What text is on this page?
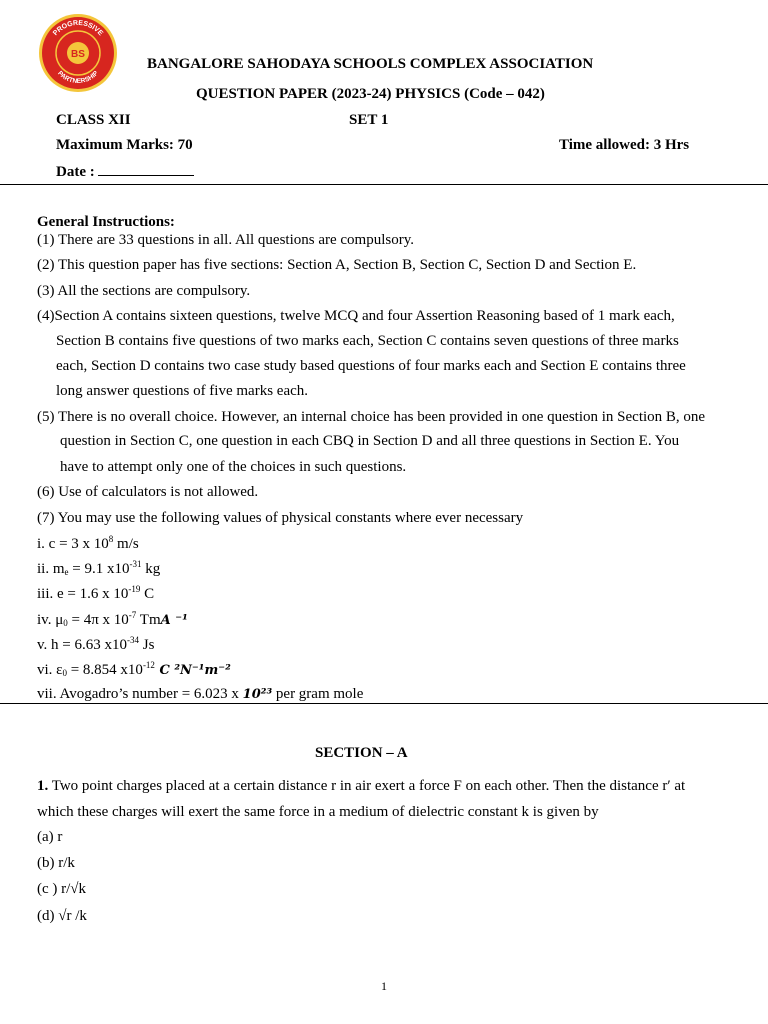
BS
PROGRESSIVE
PARTNERSHIP
BANGALORE SAHODAYA SCHOOLS COMPLEX ASSOCIATION
QUESTION PAPER (2023-24) PHYSICS (Code – 042)
CLASS XII	SET 1
Maximum Marks: 70	Time allowed: 3 Hrs
Date :
General Instructions:
(1) There are 33 questions in all. All questions are compulsory.
(2) This question paper has five sections: Section A, Section B, Section C, Section D and Section E.
(3) All the sections are compulsory.
(4)Section A contains sixteen questions, twelve MCQ and four Assertion Reasoning based of 1 mark each,
Section B contains five questions of two marks each, Section C contains seven questions of three marks
each, Section D contains two case study based questions of four marks each and Section E contains three
long answer questions of five marks each.
(5) There is no overall choice. However, an internal choice has been provided in one question in Section B, one
question in Section C, one question in each CBQ in Section D and all three questions in Section E. You
have to attempt only one of the choices in such questions.
(6) Use of calculators is not allowed.
(7) You may use the following values of physical constants where ever necessary
i. c = 3 x $10^8$ m/s
ii. $m_e = 9.1$ $x10^{-31}$ kg
iii. e = 1.6 x $10^{-19}$ C
iv. $\mu_0 = 4\pi$ x $10^{-7}$ TmA ⁻¹
v. h = 6.63 $x10^{-34}$ Js
vi. $\varepsilon_0 = 8.854$ $x10^{-12}$ C ²N⁻¹m⁻²
vii. Avogadro’s number = 6.023 x 10²³ per gram mole
SECTION – A
1. Two point charges placed at a certain distance r in air exert a force F on each other. Then the distance r′ at
which these charges will exert the same force in a medium of dielectric constant k is given by
(a) r
(b) r/k
(c ) r/√k
(d) √r /k
1
